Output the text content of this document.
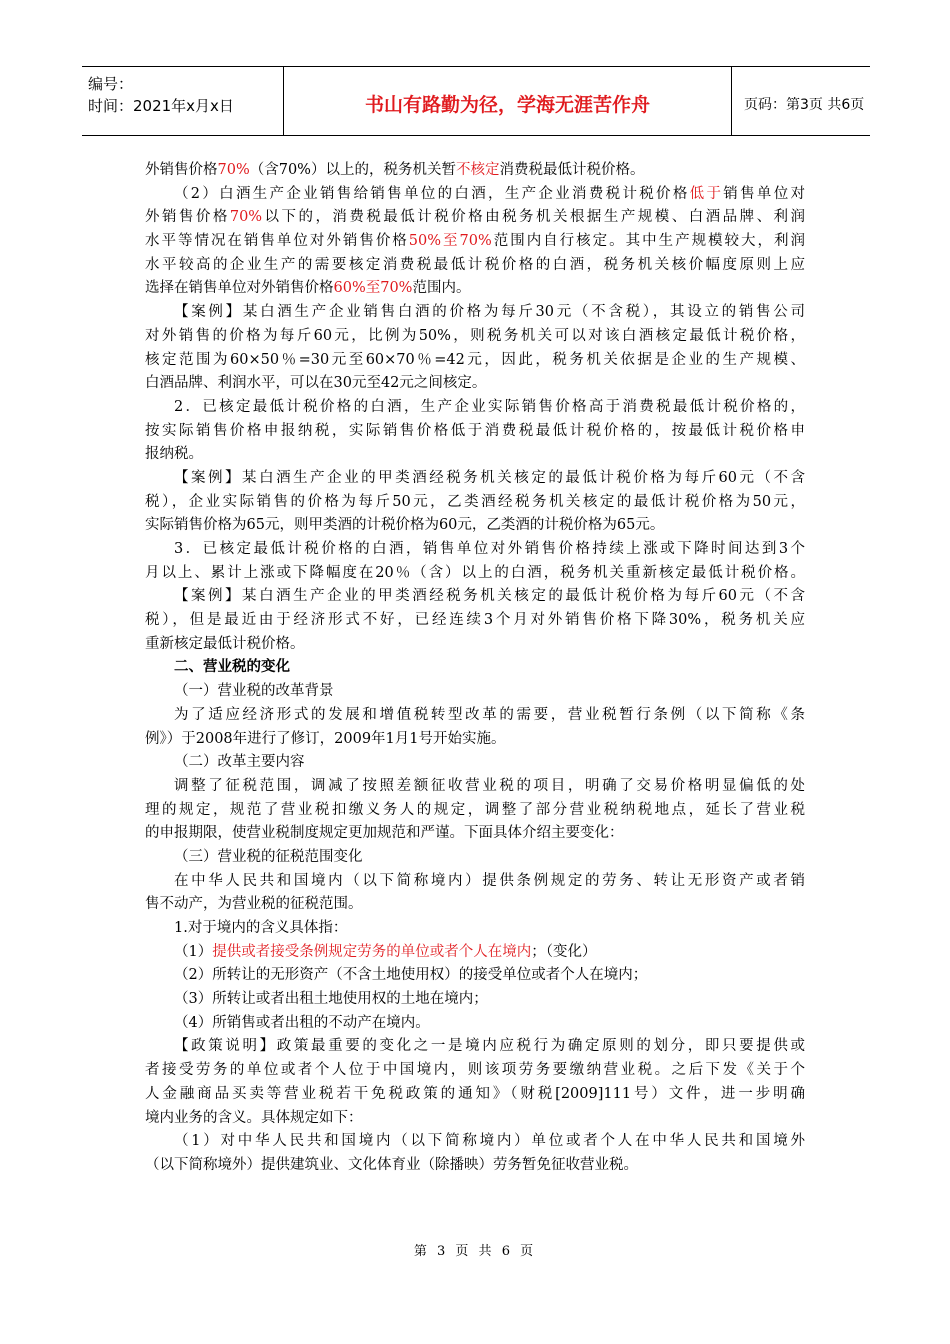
编号：
时间：2021年x月x日	书山有路勤为径，学海无涯苦作舟	页码：第3页 共6页
外销售价格70%（含70%）以上的，税务机关暂不核定消费税最低计税价格。
（2）白酒生产企业销售给销售单位的白酒，生产企业消费税计税价格低于销售单位对
外销售价格70%以下的，消费税最低计税价格由税务机关根据生产规模、白酒品牌、利润
水平等情况在销售单位对外销售价格50%至70%范围内自行核定。其中生产规模较大，利润
水平较高的企业生产的需要核定消费税最低计税价格的白酒，税务机关核价幅度原则上应
选择在销售单位对外销售价格60%至70%范围内。
【案例】某白酒生产企业销售白酒的价格为每斤30元（不含税），其设立的销售公司
对外销售的价格为每斤60元，比例为50%，则税务机关可以对该白酒核定最低计税价格，
核定范围为60×50％=30元至60×70％=42元，因此，税务机关依据是企业的生产规模、
白酒品牌、利润水平，可以在30元至42元之间核定。
2．已核定最低计税价格的白酒，生产企业实际销售价格高于消费税最低计税价格的，
按实际销售价格申报纳税，实际销售价格低于消费税最低计税价格的，按最低计税价格申
报纳税。
【案例】某白酒生产企业的甲类酒经税务机关核定的最低计税价格为每斤60元（不含
税），企业实际销售的价格为每斤50元，乙类酒经税务机关核定的最低计税价格为50元，
实际销售价格为65元，则甲类酒的计税价格为60元，乙类酒的计税价格为65元。
3．已核定最低计税价格的白酒，销售单位对外销售价格持续上涨或下降时间达到3个
月以上、累计上涨或下降幅度在20％（含）以上的白酒，税务机关重新核定最低计税价格。
【案例】某白酒生产企业的甲类酒经税务机关核定的最低计税价格为每斤60元（不含
税），但是最近由于经济形式不好，已经连续3个月对外销售价格下降30%，税务机关应
重新核定最低计税价格。
二、营业税的变化
（一）营业税的改革背景
为了适应经济形式的发展和增值税转型改革的需要，营业税暂行条例（以下简称《条
例》）于2008年进行了修订，2009年1月1号开始实施。
（二）改革主要内容
调整了征税范围，调减了按照差额征收营业税的项目，明确了交易价格明显偏低的处
理的规定，规范了营业税扣缴义务人的规定，调整了部分营业税纳税地点，延长了营业税
的申报期限，使营业税制度规定更加规范和严谨。下面具体介绍主要变化：
（三）营业税的征税范围变化
在中华人民共和国境内（以下简称境内）提供条例规定的劳务、转让无形资产或者销
售不动产，为营业税的征税范围。
1.对于境内的含义具体指：
（1）提供或者接受条例规定劳务的单位或者个人在境内；（变化）
（2）所转让的无形资产（不含土地使用权）的接受单位或者个人在境内；
（3）所转让或者出租土地使用权的土地在境内；
（4）所销售或者出租的不动产在境内。
【政策说明】政策最重要的变化之一是境内应税行为确定原则的划分，即只要提供或
者接受劳务的单位或者个人位于中国境内，则该项劳务要缴纳营业税。之后下发《关于个
人金融商品买卖等营业税若干免税政策的通知》（财税[2009]111号）文件，进一步明确
境内业务的含义。具体规定如下：
（1）对中华人民共和国境内（以下简称境内）单位或者个人在中华人民共和国境外
（以下简称境外）提供建筑业、文化体育业（除播映）劳务暂免征收营业税。
第 3 页 共 6 页
